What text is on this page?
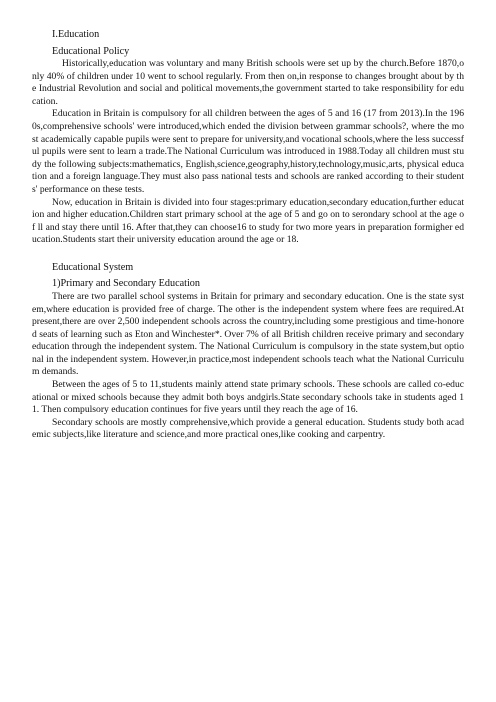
I.Education

Educational Policy

Historically,education was voluntary and many British schools were set up by the church.Before 1870,only 40% of children under 10 went to school regularly. From then on,in response to changes brought about by the Industrial Revolution and social and political movements,the government started to take responsibility for education.

Education in Britain is compulsory for all children between the ages of 5 and 16 (17 from 2013).In the 1960s,comprehensive schools' were introduced,which ended the division between grammar schools?, where the most academically capable pupils were sent to prepare for university,and vocational schools,where the less successful pupils were sent to learn a trade.The National Curriculum was introduced in 1988.Today all children must study the following subjects:mathematics, English,science,geography,history,technology,music,arts, physical education and a foreign language.They must also pass national tests and schools are ranked according to their students' performance on these tests.

Now, education in Britain is divided into four stages:primary education,secondary education,further education and higher education.Children start primary school at the age of 5 and go on to serondary school at the age of ll and stay there until 16. After that,they can choose16 to study for two more years in preparation formigher education.Students start their university education around the age or 18.

Educational System

1)Primary and Secondary Education

There are two parallel school systems in Britain for primary and secondary education. One is the state system,where education is provided free of charge. The other is the independent system where fees are required.At present,there are over 2,500 independent schools across the country,including some prestigious and time-honored seats of learning such as Eton and Winchester*. Over 7% of all British children receive primary and secondary education through the independent system. The National Curriculum is compulsory in the state system,but optional in the independent system. However,in practice,most independent schools teach what the National Curriculum demands.

Between the ages of 5 to 11,students mainly attend state primary schools. These schools are called co-educational or mixed schools because they admit both boys andgirls.State secondary schools take in students aged 11. Then compulsory education continues for five years until they reach the age of 16.

Secondary schools are mostly comprehensive,which provide a general education. Students study both academic subjects,like literature and science,and more practical ones,like cooking and carpentry.
